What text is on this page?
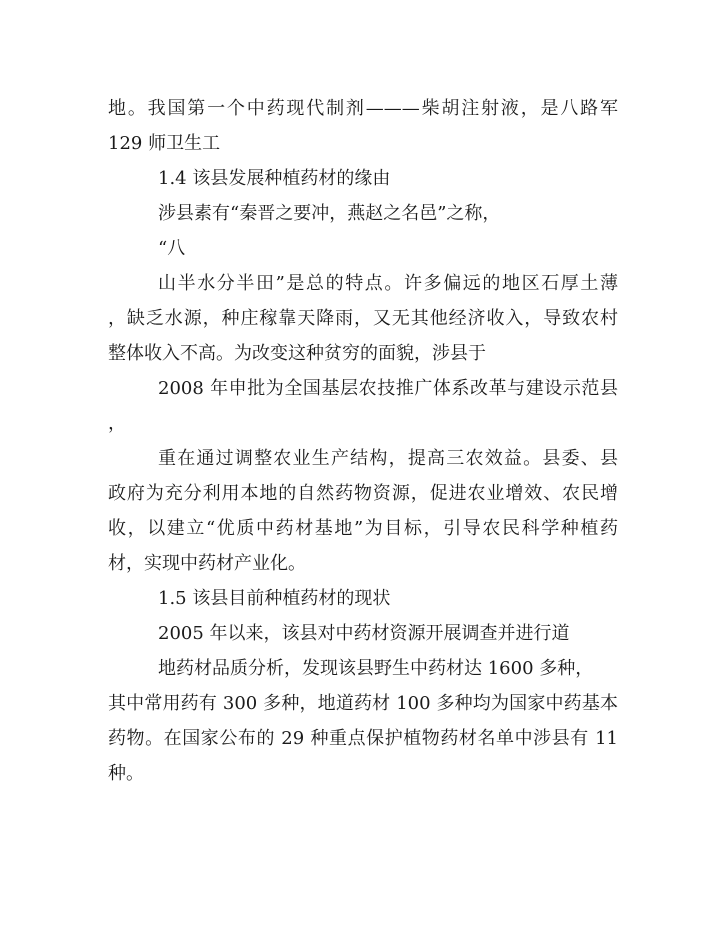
地。我国第一个中药现代制剂———柴胡注射液，是八路军
129 师卫生工
1.4 该县发展种植药材的缘由
涉县素有“秦晋之要冲，燕赵之名邑”之称，
“八
山半水分半田”是总的特点。许多偏远的地区石厚土薄
，缺乏水源，种庄稼靠天降雨，又无其他经济收入，导致农村
整体收入不高。为改变这种贫穷的面貌，涉县于
2008 年申批为全国基层农技推广体系改革与建设示范县
，
重在通过调整农业生产结构，提高三农效益。县委、县
政府为充分利用本地的自然药物资源，促进农业增效、农民增
收，以建立“优质中药材基地”为目标，引导农民科学种植药
材，实现中药材产业化。
1.5 该县目前种植药材的现状
2005 年以来，该县对中药材资源开展调查并进行道
地药材品质分析，发现该县野生中药材达 1600 多种，
其中常用药有 300 多种，地道药材 100 多种均为国家中药基本
药物。在国家公布的 29 种重点保护植物药材名单中涉县有 11
种。
